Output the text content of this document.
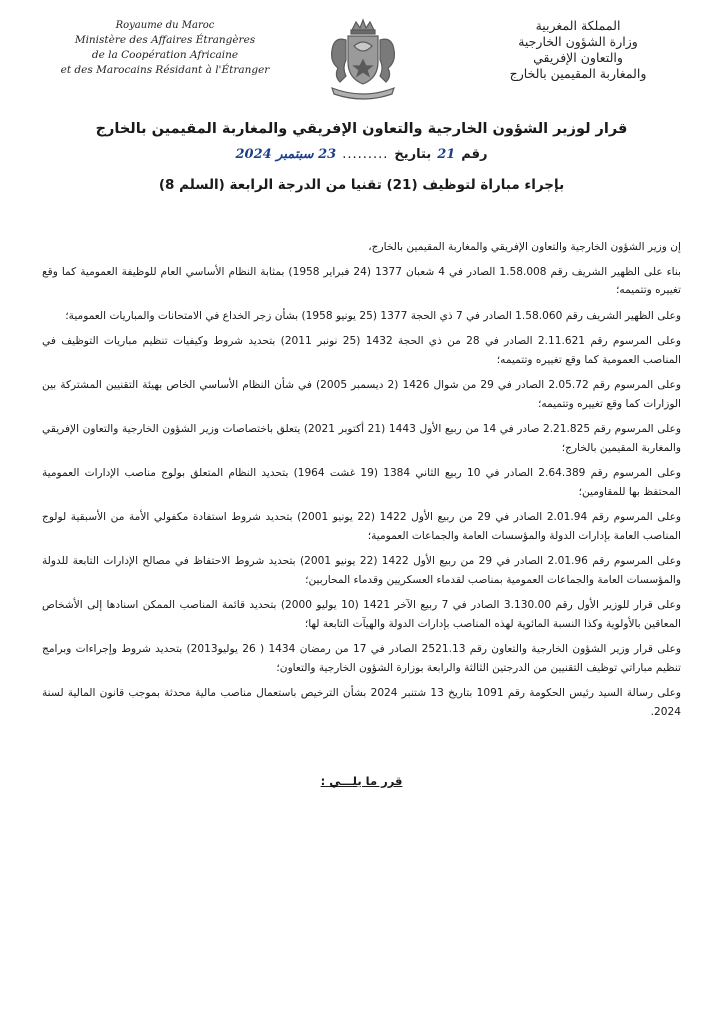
Royaume du Maroc
Ministère des Affaires Étrangères
de la Coopération Africaine
et des Marocains Résidant à l'Étranger
المملكة المغربية
وزارة الشؤون الخارجية
والتعاون الإفريقي
والمغاربة المقيمين بالخارج
قرار لوزير الشؤون الخارجية والتعاون الإفريقي والمغاربة المقيمين بالخارج
رقم
21
بتاريخ
.........
23 سبتمبر 2024
بإجراء مباراة لتوظيف (21) تقنيا من الدرجة الرابعة (السلم 8)

إن وزير الشؤون الخارجية والتعاون الإفريقي والمغاربة المقيمين بالخارج،

بناء على الظهير الشريف رقم 1.58.008 الصادر في 4 شعبان 1377 (24 فبراير 1958) بمثابة النظام الأساسي العام للوظيفة العمومية كما وقع تغييره وتتميمه؛

وعلى الظهير الشريف رقم 1.58.060 الصادر في 7 ذي الحجة 1377 (25 يونيو 1958) بشأن زجر الخداع في الامتحانات والمباريات العمومية؛

وعلى المرسوم رقم 2.11.621 الصادر في 28 من ذي الحجة 1432 (25 نونبر 2011) بتحديد شروط وكيفيات تنظيم مباريات التوظيف في المناصب العمومية كما وقع تغييره وتتميمه؛

وعلى المرسوم رقم 2.05.72 الصادر في 29 من شوال 1426 (2 ديسمبر 2005) في شأن النظام الأساسي الخاص بهيئة التقنيين المشتركة بين الوزارات كما وقع تغييره وتتميمه؛

وعلى المرسوم رقم 2.21.825 صادر في 14 من ربيع الأول 1443 (21 أكتوبر 2021) يتعلق باختصاصات وزير الشؤون الخارجية والتعاون الإفريقي والمغاربة المقيمين بالخارج؛

وعلى المرسوم رقم 2.64.389 الصادر في 10 ربيع الثاني 1384 (19 غشت 1964) بتحديد النظام المتعلق بولوج مناصب الإدارات العمومية المحتفظ بها للمقاومين؛

وعلى المرسوم رقم 2.01.94 الصادر في 29 من ربيع الأول 1422 (22 يونيو 2001) بتحديد شروط استفادة مكفولي الأمة من الأسبقية لولوج المناصب العامة بإدارات الدولة والمؤسسات العامة والجماعات العمومية؛

وعلى المرسوم رقم 2.01.96 الصادر في 29 من ربيع الأول 1422 (22 يونيو 2001) بتحديد شروط الاحتفاظ في مصالح الإدارات التابعة للدولة والمؤسسات العامة والجماعات العمومية بمناصب لقدماء العسكريين وقدماء المحاربين؛

وعلى قرار للوزير الأول رقم 3.130.00 الصادر في 7 ربيع الآخر 1421 (10 يوليو 2000) بتحديد قائمة المناصب الممكن اسنادها إلى الأشخاص المعاقين بالأولوية وكذا النسبة المائوية لهذه المناصب بإدارات الدولة والهيآت التابعة لها؛

وعلى قرار وزير الشؤون الخارجية والتعاون رقم 2521.13 الصادر في 17 من رمضان 1434 ( 26 يوليو2013) بتحديد شروط وإجراءات وبرامج تنظيم مباراتي توظيف التقنيين من الدرجتين الثالثة والرابعة بوزارة الشؤون الخارجية والتعاون؛

وعلى رسالة السيد رئيس الحكومة رقم 1091 بتاريخ 13 شتنبر 2024 بشأن الترخيص باستعمال مناصب مالية محدثة بموجب قانون المالية لسنة 2024.

قرر ما يلـــي :
